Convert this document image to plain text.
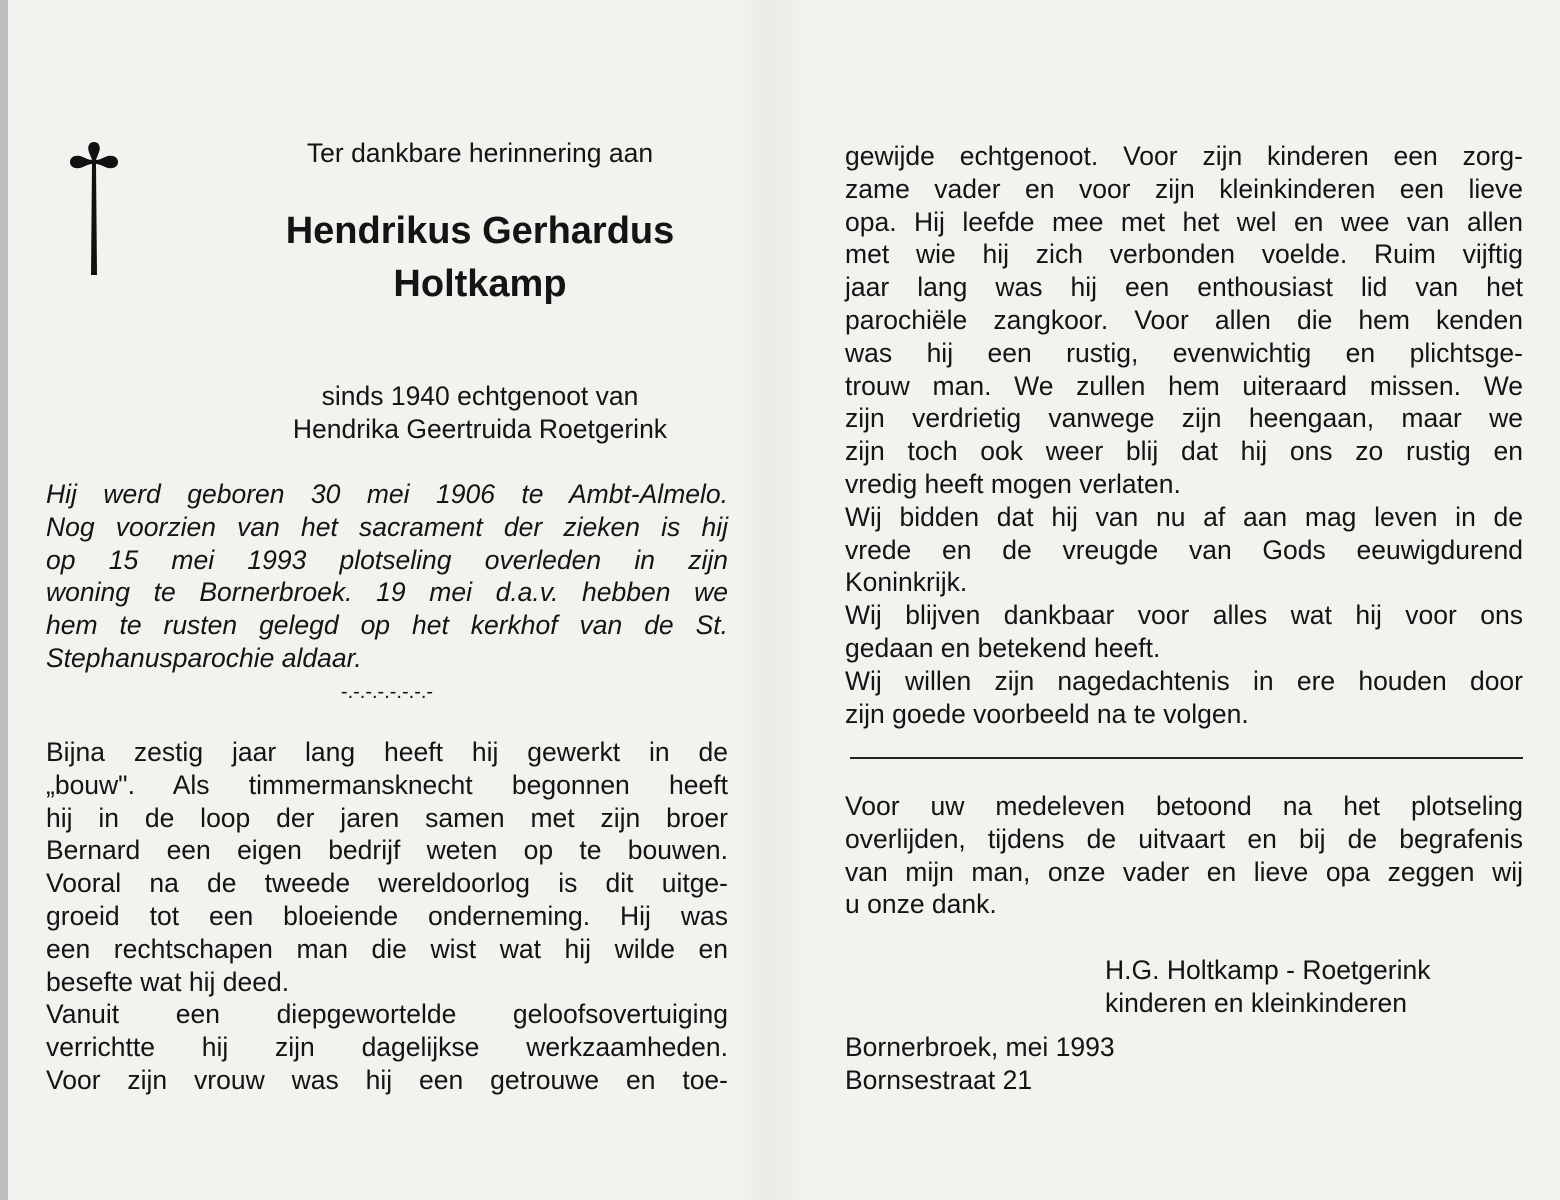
Ter dankbare herinnering aan
Hendrikus Gerhardus
Holtkamp
sinds 1940 echtgenoot van
Hendrika Geertruida Roetgerink
Hij werd geboren 30 mei 1906 te Ambt-Almelo.
Nog voorzien van het sacrament der zieken is hij
op 15 mei 1993 plotseling overleden in zijn
woning te Bornerbroek. 19 mei d.a.v. hebben we
hem te rusten gelegd op het kerkhof van de St.
Stephanusparochie aldaar.
-.-.-.-.-.-.-.-
Bijna zestig jaar lang heeft hij gewerkt in de
„bouw". Als timmermansknecht begonnen heeft
hij in de loop der jaren samen met zijn broer
Bernard een eigen bedrijf weten op te bouwen.
Vooral na de tweede wereldoorlog is dit uitge-
groeid tot een bloeiende onderneming. Hij was
een rechtschapen man die wist wat hij wilde en
besefte wat hij deed.
Vanuit een diepgewortelde geloofsovertuiging
verrichtte hij zijn dagelijkse werkzaamheden.
Voor zijn vrouw was hij een getrouwe en toe-
gewijde echtgenoot. Voor zijn kinderen een zorg-
zame vader en voor zijn kleinkinderen een lieve
opa. Hij leefde mee met het wel en wee van allen
met wie hij zich verbonden voelde. Ruim vijftig
jaar lang was hij een enthousiast lid van het
parochiële zangkoor. Voor allen die hem kenden
was hij een rustig, evenwichtig en plichtsge-
trouw man. We zullen hem uiteraard missen. We
zijn verdrietig vanwege zijn heengaan, maar we
zijn toch ook weer blij dat hij ons zo rustig en
vredig heeft mogen verlaten.
Wij bidden dat hij van nu af aan mag leven in de
vrede en de vreugde van Gods eeuwigdurend
Koninkrijk.
Wij blijven dankbaar voor alles wat hij voor ons
gedaan en betekend heeft.
Wij willen zijn nagedachtenis in ere houden door
zijn goede voorbeeld na te volgen.
Voor uw medeleven betoond na het plotseling
overlijden, tijdens de uitvaart en bij de begrafenis
van mijn man, onze vader en lieve opa zeggen wij
u onze dank.
H.G. Holtkamp - Roetgerink
kinderen en kleinkinderen
Bornerbroek, mei 1993
Bornsestraat 21
